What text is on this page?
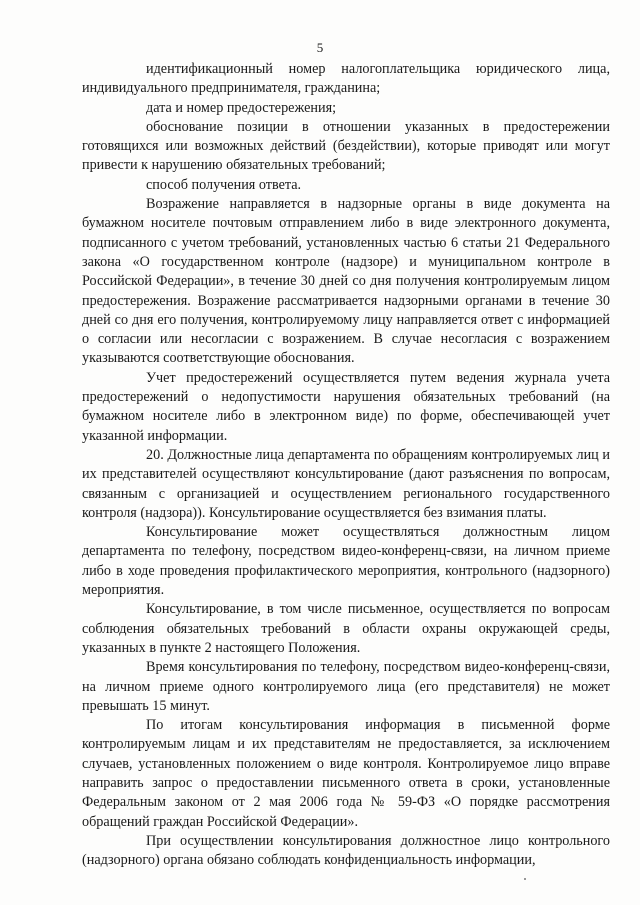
5

идентификационный номер налогоплательщика юридического лица, индивидуального предпринимателя, гражданина;

дата и номер предостережения;

обоснование позиции в отношении указанных в предостережении готовящихся или возможных действий (бездействии), которые приводят или могут привести к нарушению обязательных требований;

способ получения ответа.

Возражение направляется в надзорные органы в виде документа на бумажном носителе почтовым отправлением либо в виде электронного документа, подписанного с учетом требований, установленных частью 6 статьи 21 Федерального закона «О государственном контроле (надзоре) и муниципальном контроле в Российской Федерации», в течение 30 дней со дня получения контролируемым лицом предостережения. Возражение рассматривается надзорными органами в течение 30 дней со дня его получения, контролируемому лицу направляется ответ с информацией о согласии или несогласии с возражением. В случае несогласия с возражением указываются соответствующие обоснования.

Учет предостережений осуществляется путем ведения журнала учета предостережений о недопустимости нарушения обязательных требований (на бумажном носителе либо в электронном виде) по форме, обеспечивающей учет указанной информации.

20. Должностные лица департамента по обращениям контролируемых лиц и их представителей осуществляют консультирование (дают разъяснения по вопросам, связанным с организацией и осуществлением регионального государственного контроля (надзора)). Консультирование осуществляется без взимания платы.

Консультирование может осуществляться должностным лицом департамента по телефону, посредством видео-конференц-связи, на личном приеме либо в ходе проведения профилактического мероприятия, контрольного (надзорного) мероприятия.

Консультирование, в том числе письменное, осуществляется по вопросам соблюдения обязательных требований в области охраны окружающей среды, указанных в пункте 2 настоящего Положения.

Время консультирования по телефону, посредством видео-конференц-связи, на личном приеме одного контролируемого лица (его представителя) не может превышать 15 минут.

По итогам консультирования информация в письменной форме контролируемым лицам и их представителям не предоставляется, за исключением случаев, установленных положением о виде контроля. Контролируемое лицо вправе направить запрос о предоставлении письменного ответа в сроки, установленные Федеральным законом от 2 мая 2006 года № 59-ФЗ «О порядке рассмотрения обращений граждан Российской Федерации».

При осуществлении консультирования должностное лицо контрольного (надзорного) органа обязано соблюдать конфиденциальность информации,
